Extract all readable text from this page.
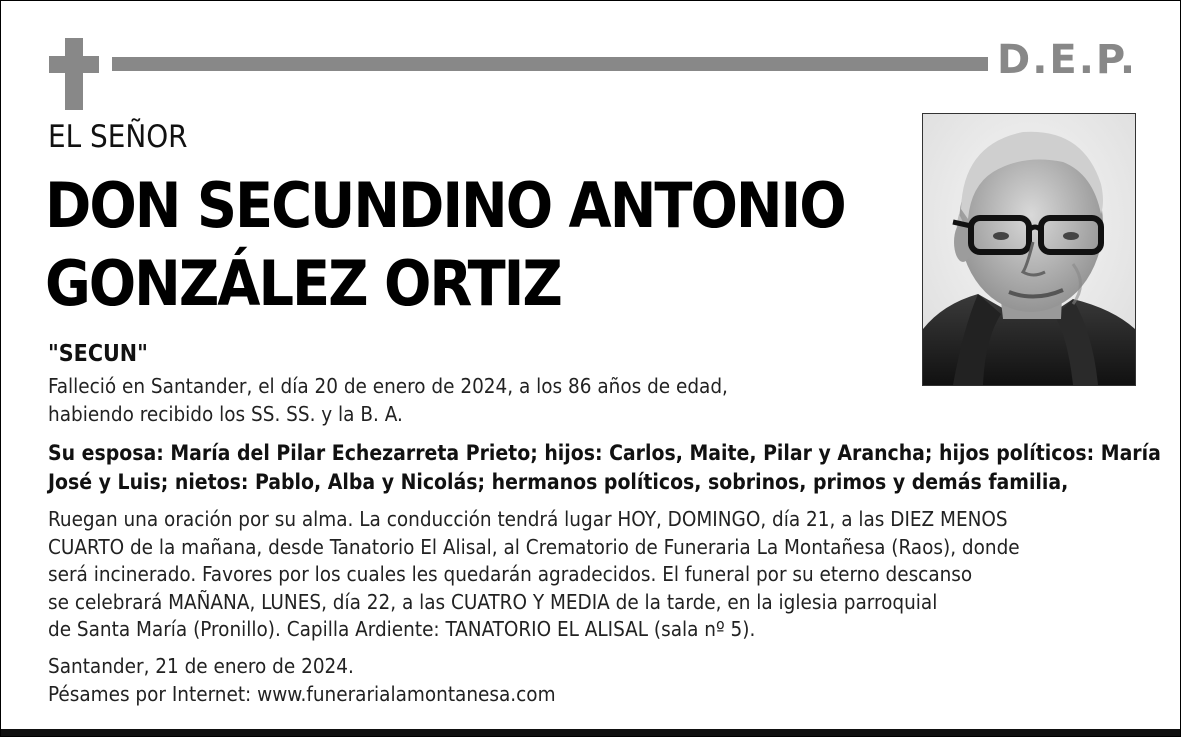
D.E.P.
EL SEÑOR
DON SECUNDINO ANTONIO
GONZÁLEZ ORTIZ
"SECUN"
Falleció en Santander, el día 20 de enero de 2024, a los 86 años de edad,
habiendo recibido los SS. SS. y la B. A.
Su esposa: María del Pilar Echezarreta Prieto; hijos: Carlos, Maite, Pilar y Arancha; hijos políticos: María
José y Luis; nietos: Pablo, Alba y Nicolás; hermanos políticos, sobrinos, primos y demás familia,
Ruegan una oración por su alma. La conducción tendrá lugar HOY, DOMINGO, día 21, a las DIEZ MENOS
CUARTO de la mañana, desde Tanatorio El Alisal, al Crematorio de Funeraria La Montañesa (Raos), donde
será incinerado. Favores por los cuales les quedarán agradecidos. El funeral por su eterno descanso
se celebrará MAÑANA, LUNES, día 22, a las CUATRO Y MEDIA de la tarde, en la iglesia parroquial
de Santa María (Pronillo). Capilla Ardiente: TANATORIO EL ALISAL (sala nº 5).
Santander, 21 de enero de 2024.
Pésames por Internet: www.funerarialamontanesa.com
